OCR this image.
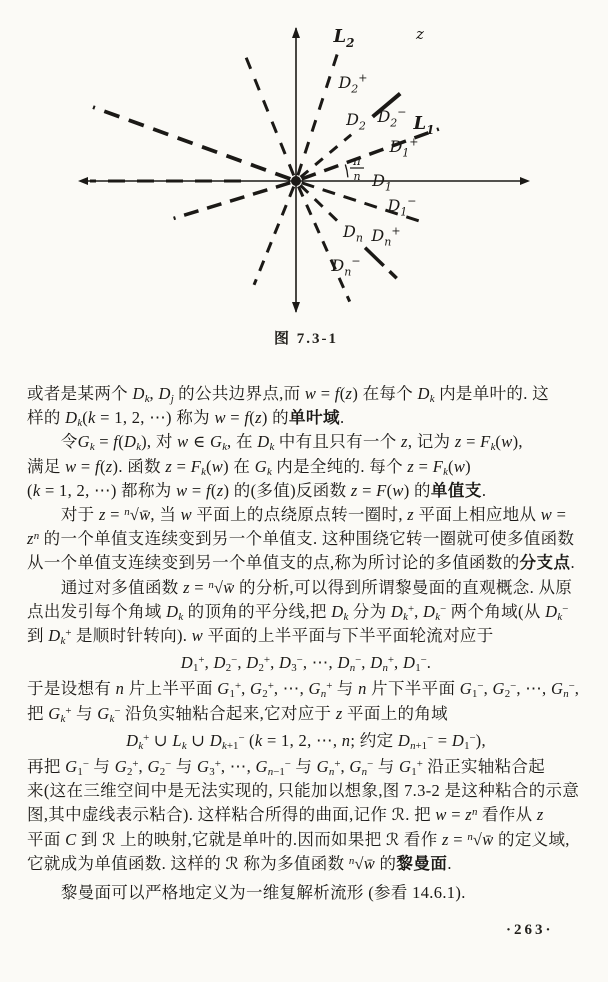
π
n
$L_2$
z
$D_2^+$
$D_2$ $D_2^-$
$L_1$
$D_1^+$
$D_1$
$D_1^-$
$D_n$ $D_n^+$
$D_n^-$
图 7.3-1
或者是某两个 $D_k$, $D_j$ 的公共边界点,而 w = f(z) 在每个 $D_k$ 内是单叶的. 这
样的 $D_k(k = 1$, 2, ⋯) 称为 w = f(z) 的单叶域.
令$G_k = f(D_k)$, 对 w ∈ $G_k$, 在 $D_k$ 中有且只有一个 z, 记为 $z = F_k(w)$,
满足 w = f(z). 函数 $z = F_k(w)$ 在 $G_k$ 内是全纯的. 每个 $z = F_k(w)$
(k = 1, 2, ⋯) 都称为 w = f(z) 的(多值)反函数 z = F(w) 的单值支.
对于 z = $^n$√w̄, 当 w 平面上的点绕原点转一圈时, z 平面上相应地从 w =
$z^n$ 的一个单值支连续变到另一个单值支. 这种围绕它转一圈就可使多值函数
从一个单值支连续变到另一个单值支的点,称为所讨论的多值函数的分支点.
通过对多值函数 z = $^n$√w̄ 的分析,可以得到所谓黎曼面的直观概念. 从原
点出发引每个角域 $D_k$ 的顶角的平分线,把 $D_k$ 分为 $D_k^+$, $D_k^-$ 两个角域(从 $D_k^-$
到 $D_k^+$ 是顺时针转向). w 平面的上半平面与下半平面轮流对应于
$D_1^+$, $D_2^-$, $D_2^+$, $D_3^-$, ⋯, $D_n^-$, $D_n^+$, $D_1^-$.
于是设想有 n 片上半平面 $G_1^+$, $G_2^+$, ⋯, $G_n^+$ 与 n 片下半平面 $G_1^-$, $G_2^-$, ⋯, $G_n^-$,
把 $G_k^+$ 与 $G_k^-$ 沿负实轴粘合起来,它对应于 z 平面上的角域
$D_k^+$ ∪ $L_k$ ∪ $D_{k+1}^-$ (k = 1, 2, ⋯, n; 约定 $D_{n+1}^- = D_1^-$),
再把 $G_1^-$ 与 $G_2^+$, $G_2^-$ 与 $G_3^+$, ⋯, $G_{n-1}^-$ 与 $G_n^+$, $G_n^-$ 与 $G_1^+$ 沿正实轴粘合起
来(这在三维空间中是无法实现的, 只能加以想象,图 7.3-2 是这种粘合的示意
图,其中虚线表示粘合). 这样粘合所得的曲面,记作 ℛ. 把 $w = z^n$ 看作从 z
平面 C 到 ℛ 上的映射,它就是单叶的.因而如果把 ℛ 看作 z = $^n$√w̄ 的定义域,
它就成为单值函数. 这样的 ℛ 称为多值函数 $^n$√w̄ 的黎曼面.
黎曼面可以严格地定义为一维复解析流形 (参看 14.6.1).
·263·
